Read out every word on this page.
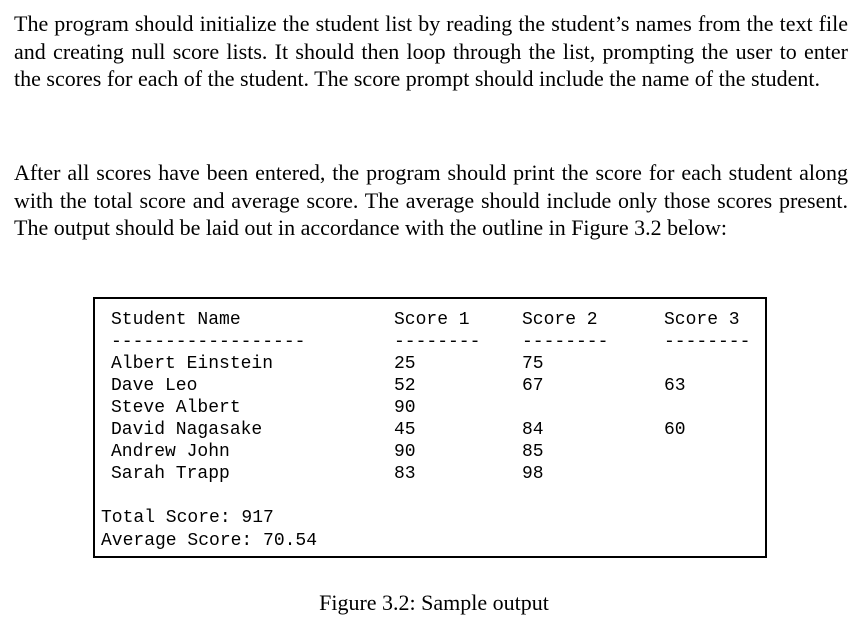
The program should initialize the student list by reading the student’s names from the text file and creating null score lists. It should then loop through the list, prompting the user to enter the scores for each of the student. The score prompt should include the name of the student.

After all scores have been entered, the program should print the score for each student along with the total score and average score. The average should include only those scores present. The output should be laid out in accordance with the outline in Figure 3.2 below:

Student Name	Score 1	Score 2	Score 3
------------------	-------- --------	--------
Albert Einstein	25	75
Dave Leo	52	67	63
Steve Albert	90
David Nagasake	45	84	60
Andrew John	90	85
Sarah Trapp	83	98
Total Score: 917
Average Score: 70.54
Figure 3.2: Sample output
